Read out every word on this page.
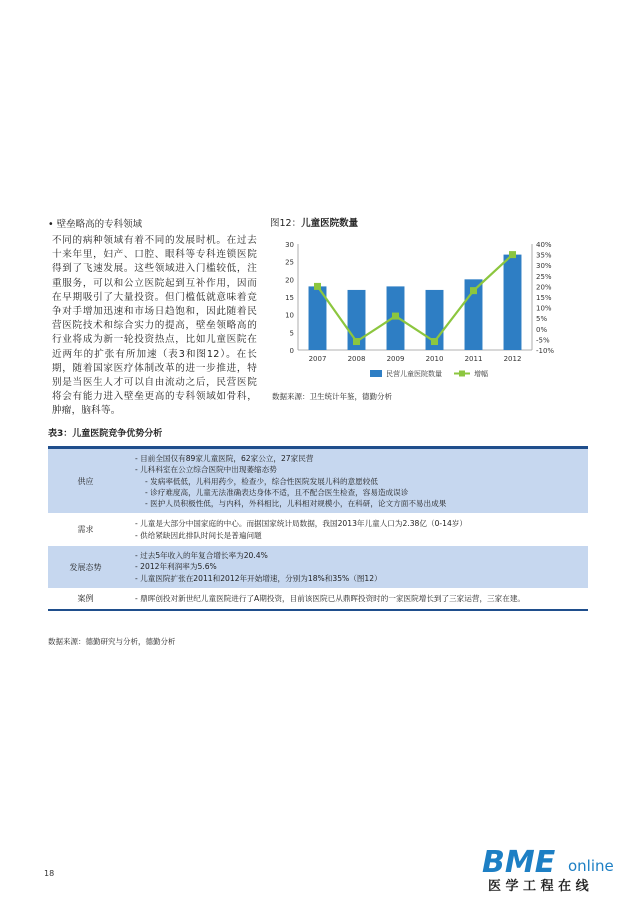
• 壁垒略高的专科领域
不同的病种领域有着不同的发展时机。在过去十来年里，妇产、口腔、眼科等专科连锁医院得到了飞速发展。这些领域进入门槛较低，注重服务，可以和公立医院起到互补作用，因而在早期吸引了大量投资。但门槛低就意味着竞争对手增加迅速和市场日趋饱和，因此随着民营医院技术和综合实力的提高，壁垒领略高的行业将成为新一轮投资热点，比如儿童医院在近两年的扩张有所加速（表3和图12）。在长期，随着国家医疗体制改革的进一步推进，特别是当医生人才可以自由流动之后，民营医院将会有能力进入壁垒更高的专科领域如骨科，肿瘤，脑科等。
图12：儿童医院数量
0
5
10
15
20
25
30
-10%
-5%
0%
5%
10%
15%
20%
25%
30%
35%
40%
2007	2008	2009	2010	2011	2012
民营儿童医院数量	增幅
数据来源：卫生统计年鉴，德勤分析
表3：儿童医院竞争优势分析
供应
- 目前全国仅有89家儿童医院，62家公立，27家民营
- 儿科科室在公立综合医院中出现萎缩态势
- 发病率低低，儿科用药少，检查少，综合性医院发展儿科的意愿较低
- 诊疗难度高，儿童无法准确表达身体不适，且不配合医生检查，容易造成误诊
- 医护人员积极性低，与内科，外科相比，儿科相对规模小，在科研，论文方面不易出成果
需求
- 儿童是大部分中国家庭的中心。而据国家统计局数据，我国2013年儿童人口为2.38亿（0-14岁）
- 供给紧缺因此排队时间长是普遍问题
发展态势
- 过去5年收入的年复合增长率为20.4%
- 2012年利润率为5.6%
- 儿童医院扩张在2011和2012年开始增速，分别为18%和35%（图12）
案例	- 鼎晖创投对新世纪儿童医院进行了A期投资，目前该医院已从鼎晖投资时的一家医院增长到了三家运营，三家在建。
数据来源：德勤研究与分析，德勤分析
18	BME online
医 学 工 程 在 线
